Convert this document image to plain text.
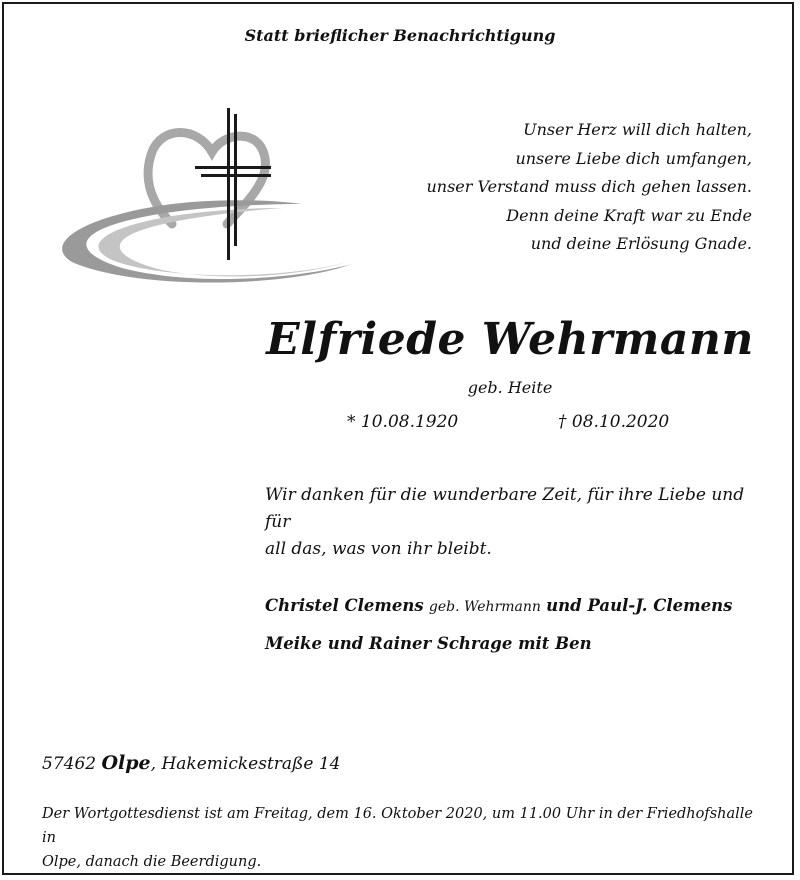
Statt brieflicher Benachrichtigung
Unser Herz will dich halten,
unsere Liebe dich umfangen,
unser Verstand muss dich gehen lassen.
Denn deine Kraft war zu Ende
und deine Erlösung Gnade.
Elfriede Wehrmann
geb. Heite
* 10.08.1920	† 08.10.2020
Wir danken für die wunderbare Zeit, für ihre Liebe und für
all das, was von ihr bleibt.
Christel Clemens geb. Wehrmann und Paul-J. Clemens
Meike und Rainer Schrage mit Ben
57462 Olpe, Hakemickestraße 14
Der Wortgottesdienst ist am Freitag, dem 16. Oktober 2020, um 11.00 Uhr in der Friedhofshalle in
Olpe, danach die Beerdigung.
